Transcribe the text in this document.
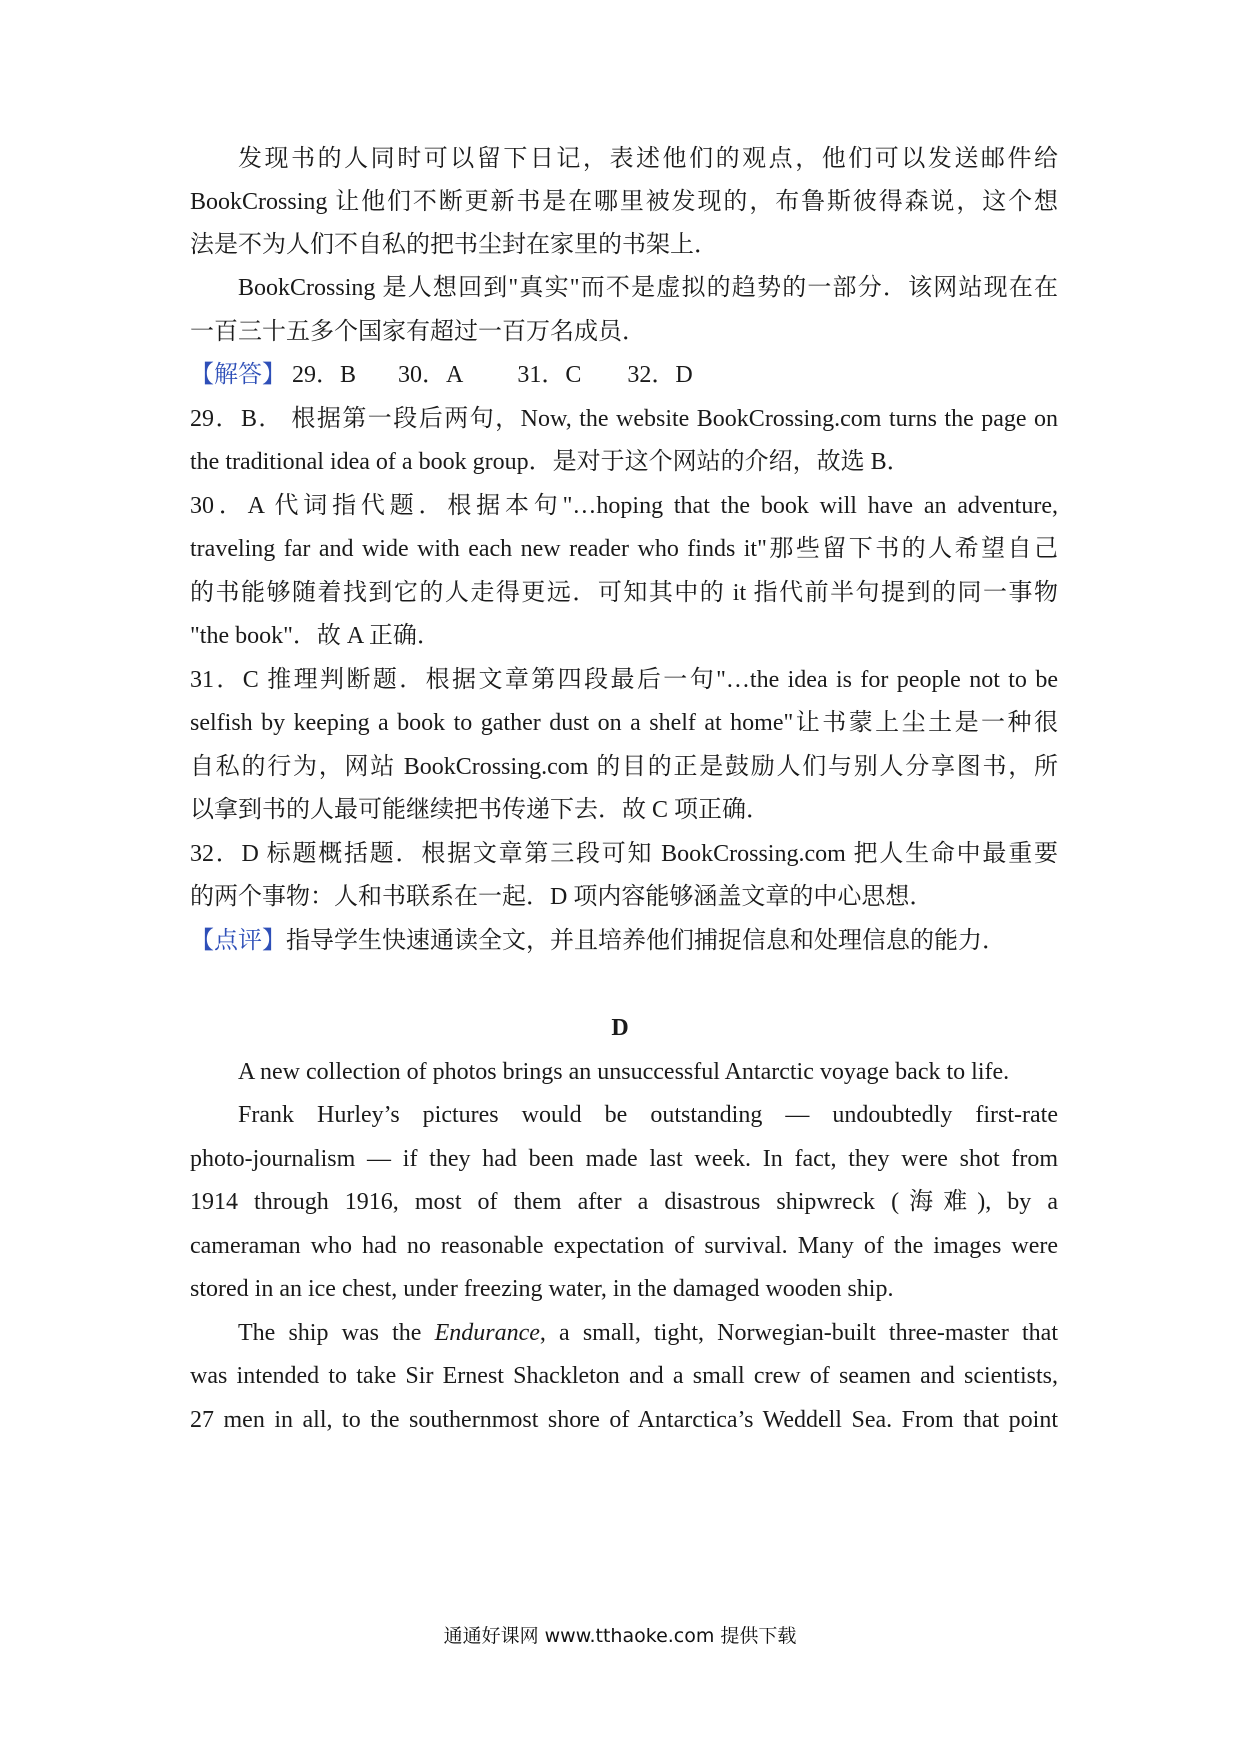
发现书的人同时可以留下日记，表述他们的观点，他们可以发送邮件给
BookCrossing 让他们不断更新书是在哪里被发现的，布鲁斯彼得森说，这个想
法是不为人们不自私的把书尘封在家里的书架上．
BookCrossing 是人想回到"真实"而不是虚拟的趋势的一部分．该网站现在在
一百三十五多个国家有超过一百万名成员．
【解答】 29．B 30．A 31．C 32．D
29．B． 根据第一段后两句，Now, the website BookCrossing.com turns the page on
the traditional idea of a book group．是对于这个网站的介绍，故选 B．
30．A 代词指代题．根据本句"…hoping that the book will have an adventure,
traveling far and wide with each new reader who finds it"那些留下书的人希望自己
的书能够随着找到它的人走得更远．可知其中的 it 指代前半句提到的同一事物
"the book"．故 A 正确．
31．C 推理判断题．根据文章第四段最后一句"…the idea is for people not to be
selfish by keeping a book to gather dust on a shelf at home"让书蒙上尘土是一种很
自私的行为，网站 BookCrossing.com 的目的正是鼓励人们与别人分享图书，所
以拿到书的人最可能继续把书传递下去．故 C 项正确．
32．D 标题概括题．根据文章第三段可知 BookCrossing.com 把人生命中最重要
的两个事物：人和书联系在一起．D 项内容能够涵盖文章的中心思想．
【点评】指导学生快速通读全文，并且培养他们捕捉信息和处理信息的能力．
D
A new collection of photos brings an unsuccessful Antarctic voyage back to life.
Frank Hurley’s pictures would be outstanding — undoubtedly first-rate
photo-journalism — if they had been made last week. In fact, they were shot from
1914 through 1916, most of them after a disastrous shipwreck (海难), by a
cameraman who had no reasonable expectation of survival. Many of the images were
stored in an ice chest, under freezing water, in the damaged wooden ship.
The ship was the Endurance, a small, tight, Norwegian-built three-master that
was intended to take Sir Ernest Shackleton and a small crew of seamen and scientists,
27 men in all, to the southernmost shore of Antarctica’s Weddell Sea. From that point
通通好课网 www.tthaoke.com 提供下载
